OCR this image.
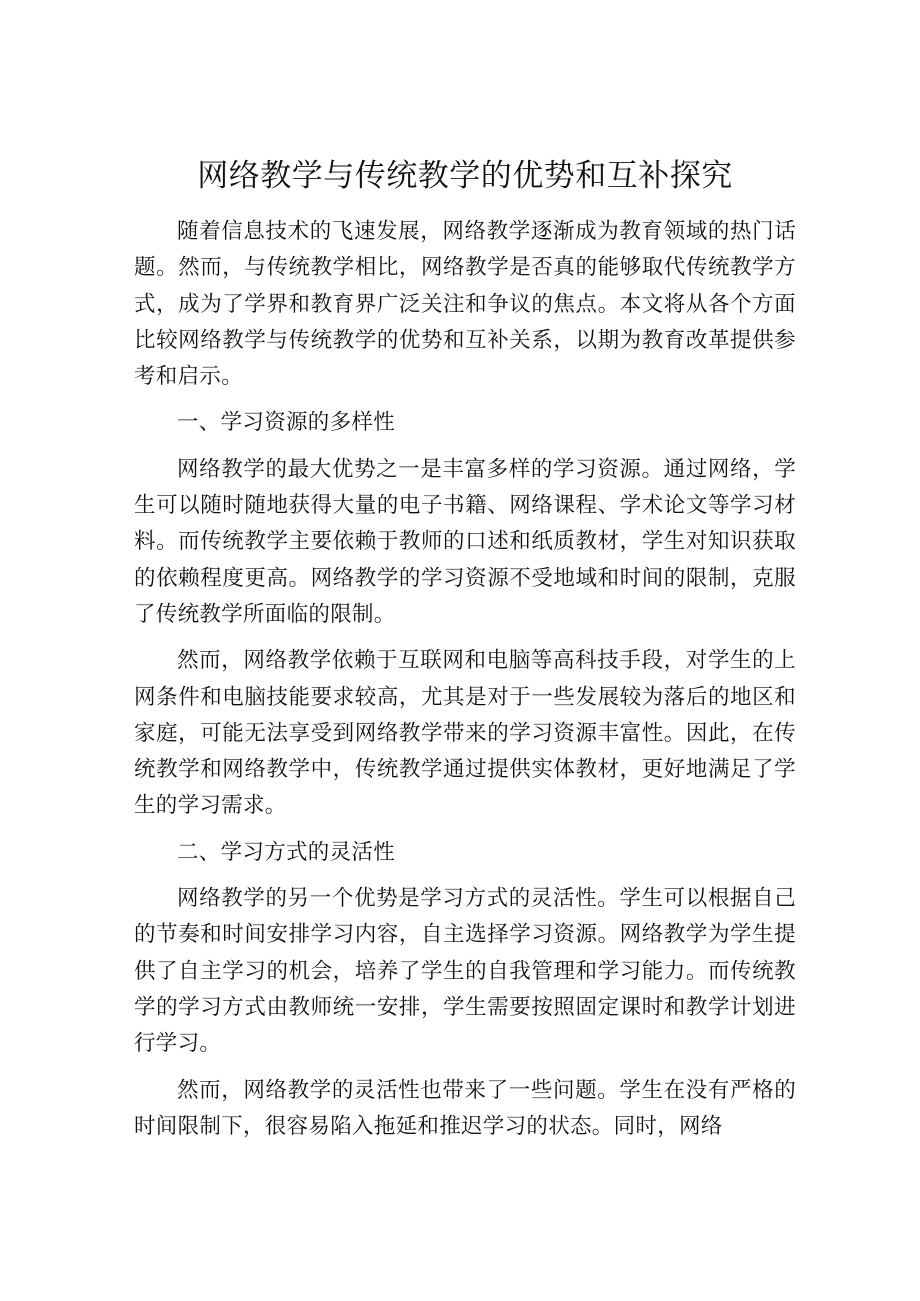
网络教学与传统教学的优势和互补探究

随着信息技术的飞速发展，网络教学逐渐成为教育领域的热门话题。然而，与传统教学相比，网络教学是否真的能够取代传统教学方式，成为了学界和教育界广泛关注和争议的焦点。本文将从各个方面比较网络教学与传统教学的优势和互补关系，以期为教育改革提供参考和启示。

一、学习资源的多样性

网络教学的最大优势之一是丰富多样的学习资源。通过网络，学生可以随时随地获得大量的电子书籍、网络课程、学术论文等学习材料。而传统教学主要依赖于教师的口述和纸质教材，学生对知识获取的依赖程度更高。网络教学的学习资源不受地域和时间的限制，克服了传统教学所面临的限制。

然而，网络教学依赖于互联网和电脑等高科技手段，对学生的上网条件和电脑技能要求较高，尤其是对于一些发展较为落后的地区和家庭，可能无法享受到网络教学带来的学习资源丰富性。因此，在传统教学和网络教学中，传统教学通过提供实体教材，更好地满足了学生的学习需求。

二、学习方式的灵活性

网络教学的另一个优势是学习方式的灵活性。学生可以根据自己的节奏和时间安排学习内容，自主选择学习资源。网络教学为学生提供了自主学习的机会，培养了学生的自我管理和学习能力。而传统教学的学习方式由教师统一安排，学生需要按照固定课时和教学计划进行学习。

然而，网络教学的灵活性也带来了一些问题。学生在没有严格的时间限制下，很容易陷入拖延和推迟学习的状态。同时，网络
